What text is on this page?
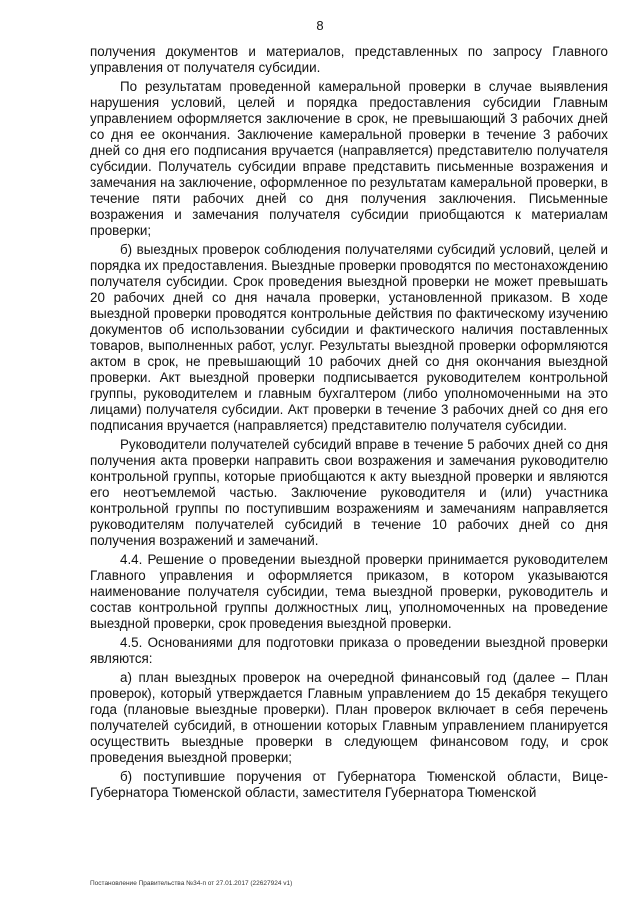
8

получения документов и материалов, представленных по запросу Главного управления от получателя субсидии.

По результатам проведенной камеральной проверки в случае выявления нарушения условий, целей и порядка предоставления субсидии Главным управлением оформляется заключение в срок, не превышающий 3 рабочих дней со дня ее окончания. Заключение камеральной проверки в течение 3 рабочих дней со дня его подписания вручается (направляется) представителю получателя субсидии. Получатель субсидии вправе представить письменные возражения и замечания на заключение, оформленное по результатам камеральной проверки, в течение пяти рабочих дней со дня получения заключения. Письменные возражения и замечания получателя субсидии приобщаются к материалам проверки;

б) выездных проверок соблюдения получателями субсидий условий, целей и порядка их предоставления. Выездные проверки проводятся по местонахождению получателя субсидии. Срок проведения выездной проверки не может превышать 20 рабочих дней со дня начала проверки, установленной приказом. В ходе выездной проверки проводятся контрольные действия по фактическому изучению документов об использовании субсидии и фактического наличия поставленных товаров, выполненных работ, услуг. Результаты выездной проверки оформляются актом в срок, не превышающий 10 рабочих дней со дня окончания выездной проверки. Акт выездной проверки подписывается руководителем контрольной группы, руководителем и главным бухгалтером (либо уполномоченными на это лицами) получателя субсидии. Акт проверки в течение 3 рабочих дней со дня его подписания вручается (направляется) представителю получателя субсидии.

Руководители получателей субсидий вправе в течение 5 рабочих дней со дня получения акта проверки направить свои возражения и замечания руководителю контрольной группы, которые приобщаются к акту выездной проверки и являются его неотъемлемой частью. Заключение руководителя и (или) участника контрольной группы по поступившим возражениям и замечаниям направляется руководителям получателей субсидий в течение 10 рабочих дней со дня получения возражений и замечаний.

4.4. Решение о проведении выездной проверки принимается руководителем Главного управления и оформляется приказом, в котором указываются наименование получателя субсидии, тема выездной проверки, руководитель и состав контрольной группы должностных лиц, уполномоченных на проведение выездной проверки, срок проведения выездной проверки.

4.5. Основаниями для подготовки приказа о проведении выездной проверки являются:

а) план выездных проверок на очередной финансовый год (далее – План проверок), который утверждается Главным управлением до 15 декабря текущего года (плановые выездные проверки). План проверок включает в себя перечень получателей субсидий, в отношении которых Главным управлением планируется осуществить выездные проверки в следующем финансовом году, и срок проведения выездной проверки;

б) поступившие поручения от Губернатора Тюменской области, Вице-Губернатора Тюменской области, заместителя Губернатора Тюменской

Постановление Правительства №34-п от 27.01.2017 (22627924 v1)
